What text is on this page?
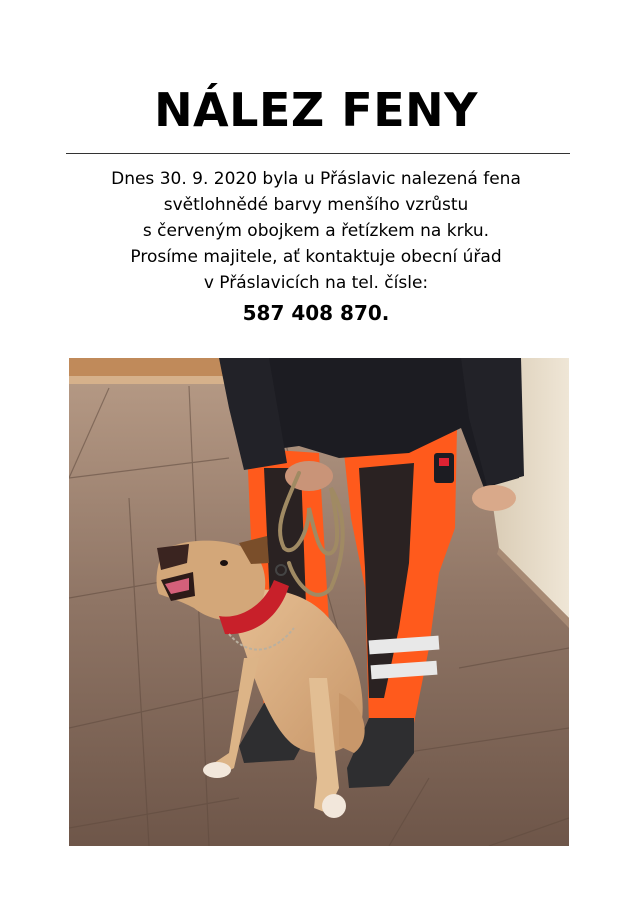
NÁLEZ FENY
Dnes 30. 9. 2020 byla u Přáslavic nalezená fena
světlohnědé barvy menšího vzrůstu
s červeným obojkem a řetízkem na krku.
Prosíme majitele, ať kontaktuje obecní úřad
v Přáslavicích na tel. čísle:
587 408 870.
